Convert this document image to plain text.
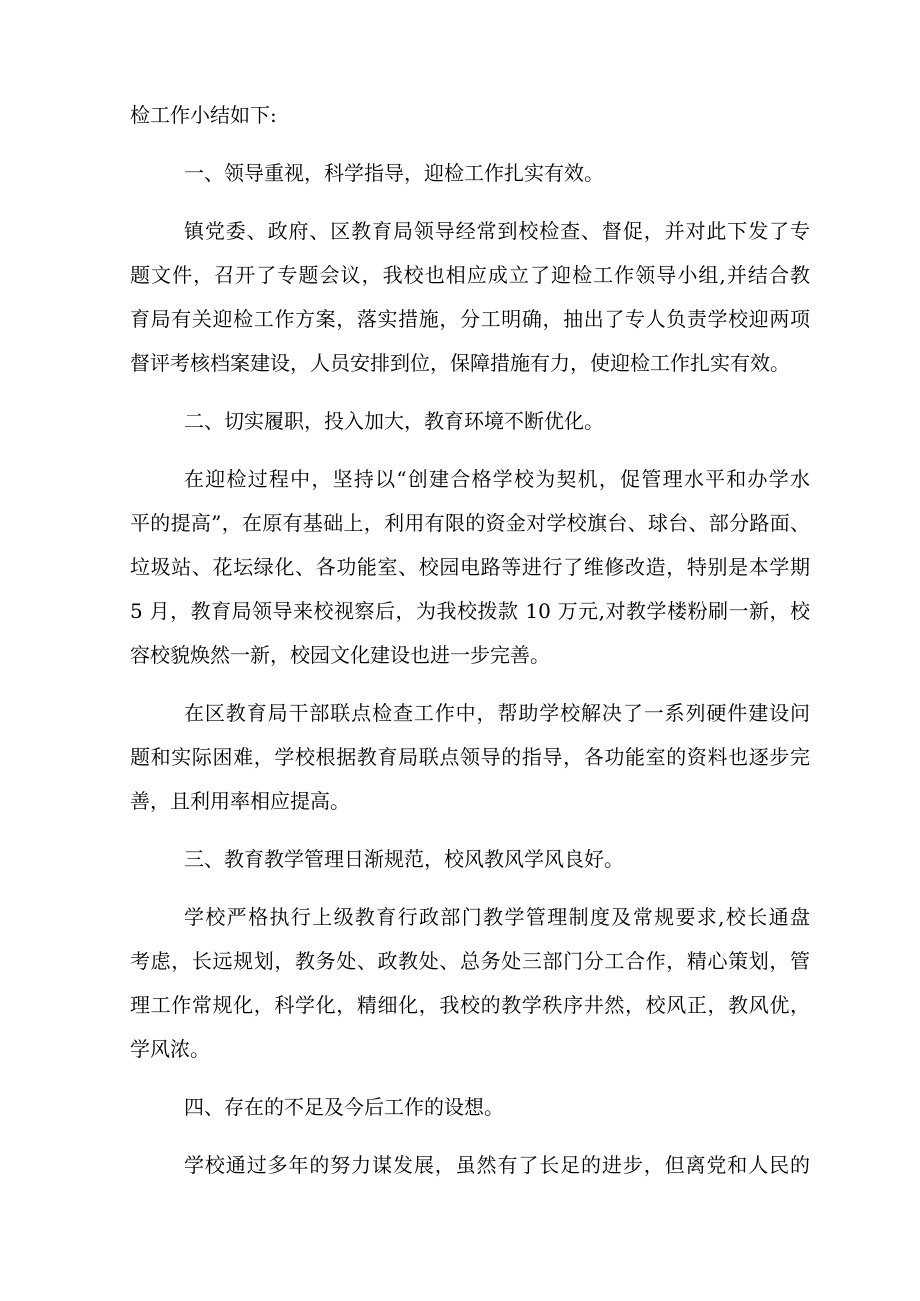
检工作小结如下:
一、领导重视，科学指导，迎检工作扎实有效。
镇党委、政府、区教育局领导经常到校检查、督促，并对此下发了专
题文件，召开了专题会议，我校也相应成立了迎检工作领导小组,并结合教
育局有关迎检工作方案，落实措施，分工明确，抽出了专人负责学校迎两项
督评考核档案建设，人员安排到位，保障措施有力，使迎检工作扎实有效。
二、切实履职，投入加大，教育环境不断优化。
在迎检过程中，坚持以“创建合格学校为契机，促管理水平和办学水
平的提高”，在原有基础上，利用有限的资金对学校旗台、球台、部分路面、
垃圾站、花坛绿化、各功能室、校园电路等进行了维修改造，特别是本学期
5 月，教育局领导来校视察后，为我校拨款 10 万元,对教学楼粉刷一新，校
容校貌焕然一新，校园文化建设也进一步完善。
在区教育局干部联点检查工作中，帮助学校解决了一系列硬件建设问
题和实际困难，学校根据教育局联点领导的指导，各功能室的资料也逐步完
善，且利用率相应提高。
三、教育教学管理日渐规范，校风教风学风良好。
学校严格执行上级教育行政部门教学管理制度及常规要求,校长通盘
考虑，长远规划，教务处、政教处、总务处三部门分工合作，精心策划，管
理工作常规化，科学化，精细化，我校的教学秩序井然，校风正，教风优，
学风浓。
四、存在的不足及今后工作的设想。
学校通过多年的努力谋发展，虽然有了长足的进步，但离党和人民的
